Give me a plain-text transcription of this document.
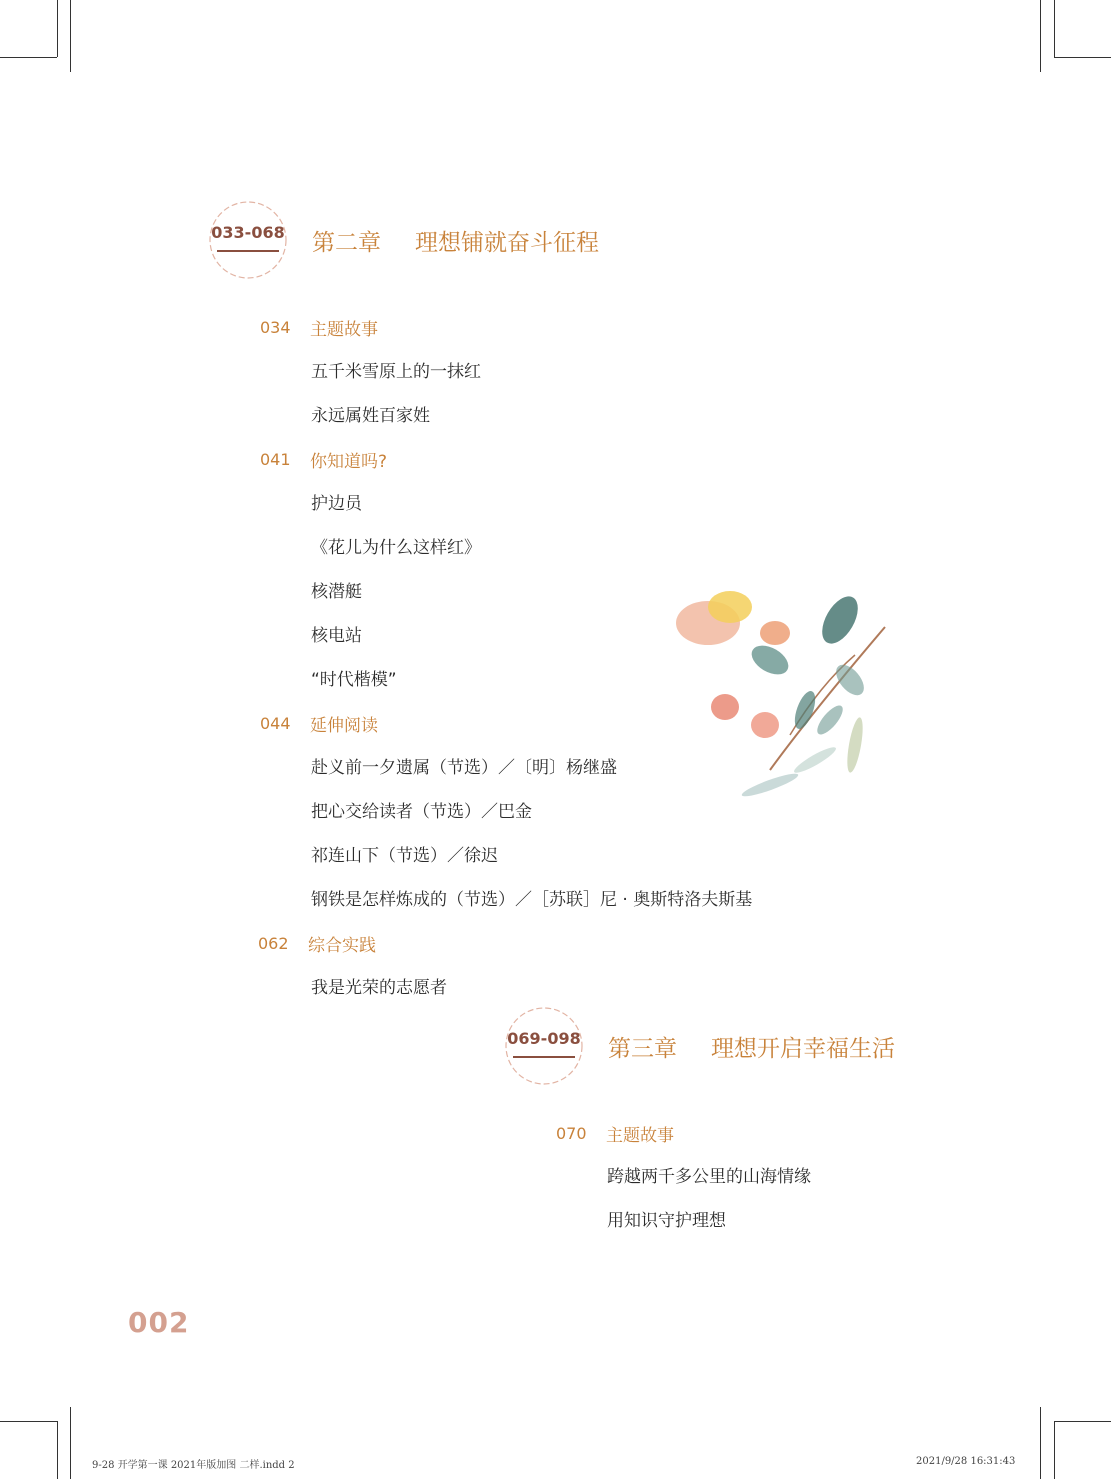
033-068 第二章 理想铺就奋斗征程
034	主题故事
五千米雪原上的一抹红
永远属姓百家姓
041	你知道吗?
护边员
《花儿为什么这样红》
核潜艇
核电站
“时代楷模”
044	延伸阅读
赴义前一夕遗属（节选）／〔明〕杨继盛
把心交给读者（节选）／巴金
祁连山下（节选）／徐迟
钢铁是怎样炼成的（节选）／［苏联］尼 · 奥斯特洛夫斯基
062	综合实践
我是光荣的志愿者
069-098 第三章 理想开启幸福生活
070	主题故事
跨越两千多公里的山海情缘
用知识守护理想
002
9-28 开学第一课 2021年版加图 二样.indd 2	2021/9/28 16:31:43
